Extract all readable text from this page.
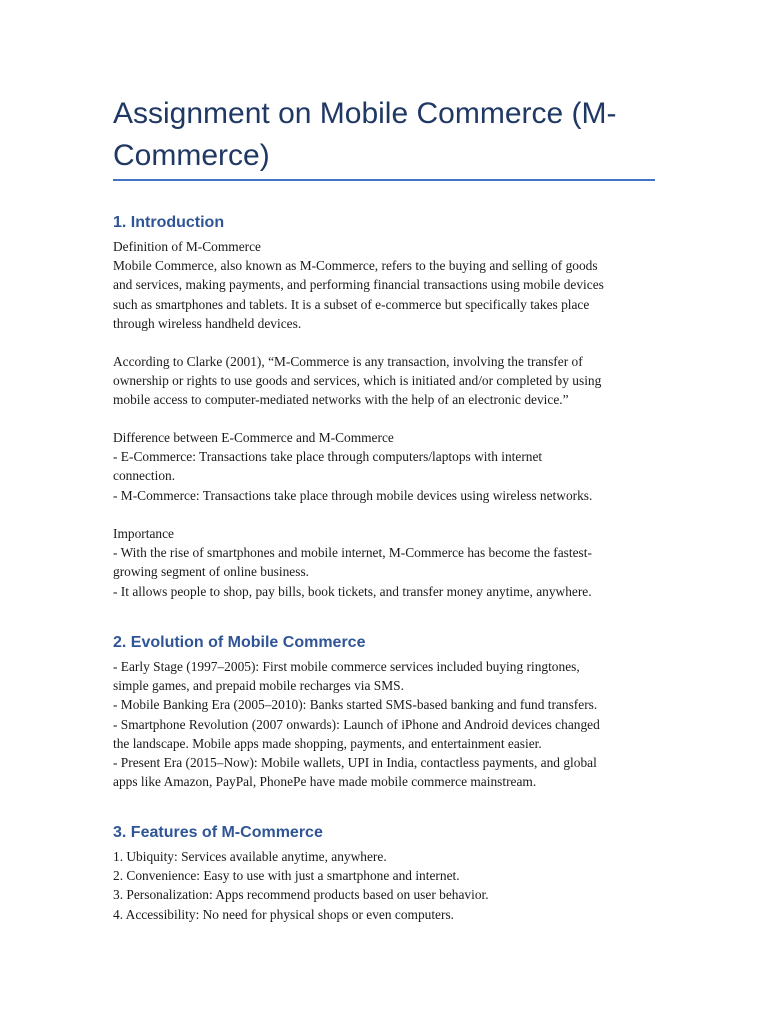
Assignment on Mobile Commerce (M-
Commerce)
1. Introduction
Definition of M-Commerce
Mobile Commerce, also known as M-Commerce, refers to the buying and selling of goods
and services, making payments, and performing financial transactions using mobile devices
such as smartphones and tablets. It is a subset of e-commerce but specifically takes place
through wireless handheld devices.
According to Clarke (2001), “M-Commerce is any transaction, involving the transfer of
ownership or rights to use goods and services, which is initiated and/or completed by using
mobile access to computer-mediated networks with the help of an electronic device.”
Difference between E-Commerce and M-Commerce
- E-Commerce: Transactions take place through computers/laptops with internet
connection.
- M-Commerce: Transactions take place through mobile devices using wireless networks.
Importance
- With the rise of smartphones and mobile internet, M-Commerce has become the fastest-
growing segment of online business.
- It allows people to shop, pay bills, book tickets, and transfer money anytime, anywhere.
2. Evolution of Mobile Commerce
- Early Stage (1997–2005): First mobile commerce services included buying ringtones,
simple games, and prepaid mobile recharges via SMS.
- Mobile Banking Era (2005–2010): Banks started SMS-based banking and fund transfers.
- Smartphone Revolution (2007 onwards): Launch of iPhone and Android devices changed
the landscape. Mobile apps made shopping, payments, and entertainment easier.
- Present Era (2015–Now): Mobile wallets, UPI in India, contactless payments, and global
apps like Amazon, PayPal, PhonePe have made mobile commerce mainstream.
3. Features of M-Commerce
1. Ubiquity: Services available anytime, anywhere.
2. Convenience: Easy to use with just a smartphone and internet.
3. Personalization: Apps recommend products based on user behavior.
4. Accessibility: No need for physical shops or even computers.
